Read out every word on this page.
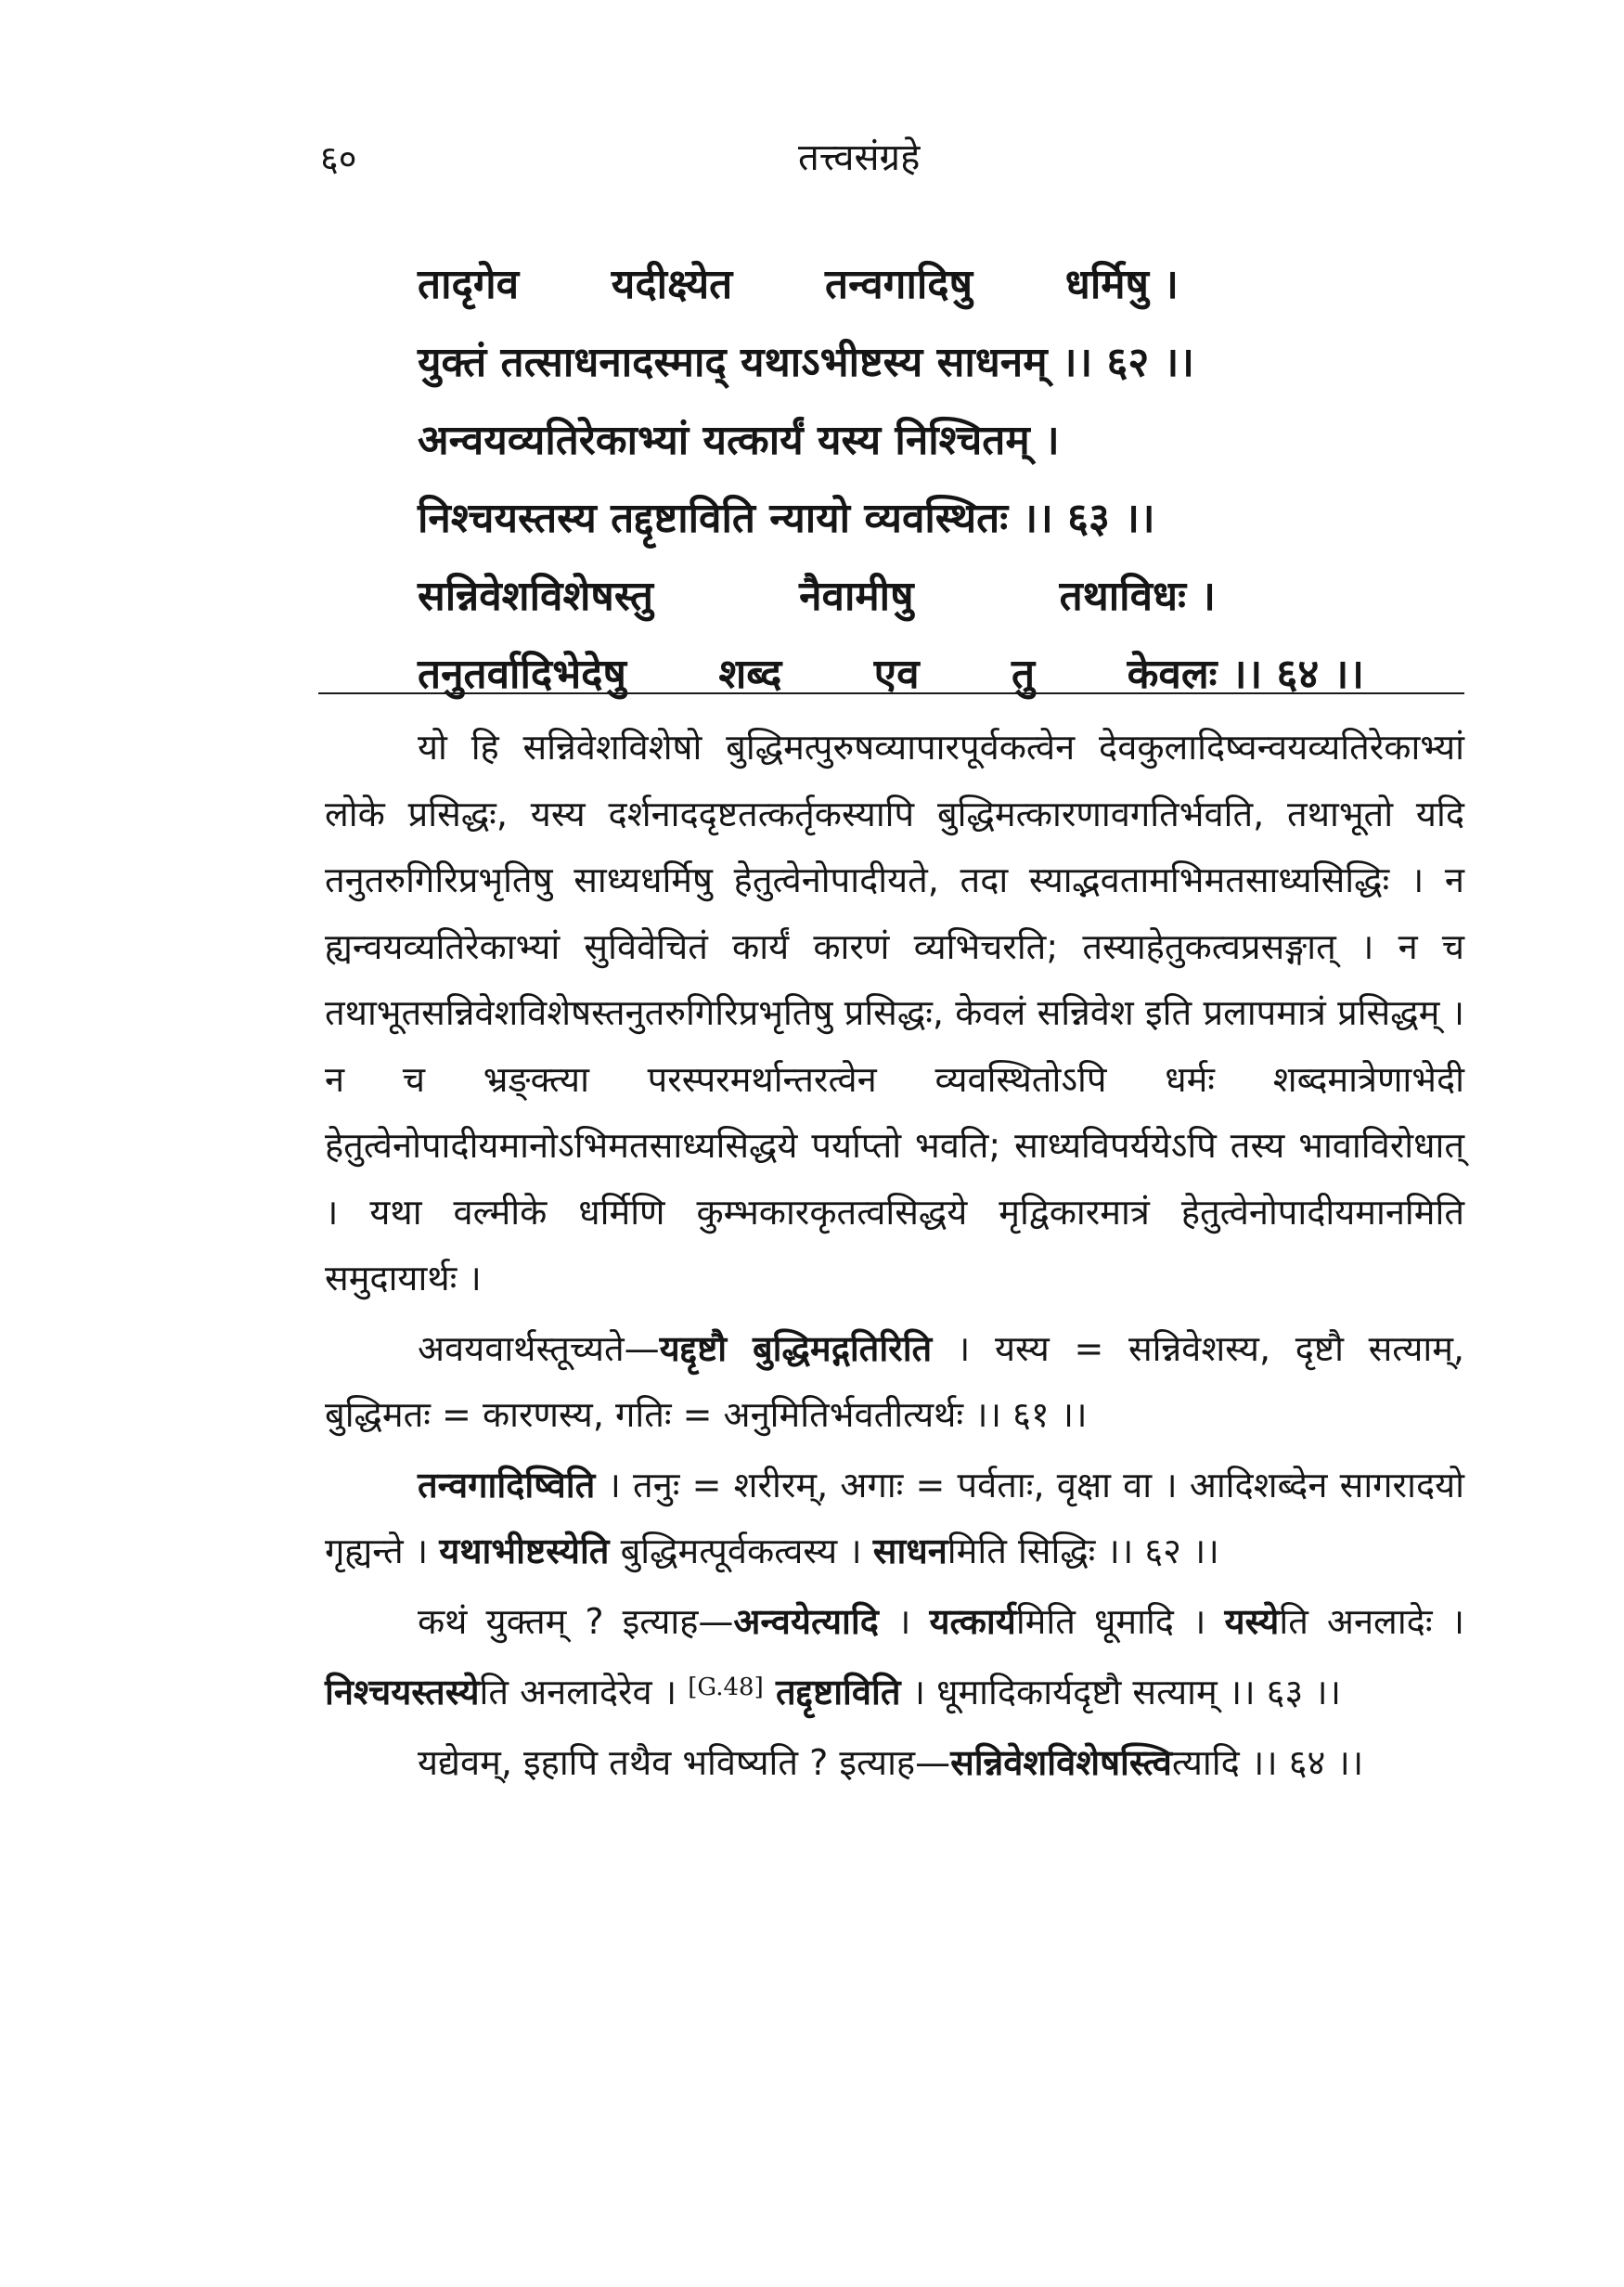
६०	तत्त्वसंग्रहे
तादृगेव यदीक्ष्येत तन्वगादिषु धर्मिषु ।
युक्तं तत्साधनादस्माद् यथाऽभीष्टस्य साधनम् ।। ६२ ।।
अन्वयव्यतिरेकाभ्यां यत्कार्यं यस्य निश्चितम् ।
निश्चयस्तस्य तद्दृष्टाविति न्यायो व्यवस्थितः ।। ६३ ।।
सन्निवेशविशेषस्तु	नैवामीषु	तथाविधः ।
तनुतर्वादिभेदेषु शब्द एव तु केवलः ।। ६४ ।।

यो हि सन्निवेशविशेषो बुद्धिमत्पुरुषव्यापारपूर्वकत्वेन देवकुलादिष्वन्वयव्यतिरेकाभ्यां लोके प्रसिद्धः, यस्य दर्शनाददृष्टतत्कर्तृकस्यापि बुद्धिमत्कारणावगतिर्भवति, तथाभूतो यदि तनुतरुगिरिप्रभृतिषु साध्यधर्मिषु हेतुत्वेनोपादीयते, तदा स्याद्भवतामभिमतसाध्यसिद्धिः । न ह्यन्वयव्यतिरेकाभ्यां सुविवेचितं कार्यं कारणं व्यभिचरति; तस्याहेतुकत्वप्रसङ्गात् । न च तथाभूतसन्निवेशविशेषस्तनुतरुगिरिप्रभृतिषु प्रसिद्धः, केवलं सन्निवेश इति प्रलापमात्रं प्रसिद्धम् । न च भ्रङ्क्त्या परस्परमर्थान्तरत्वेन व्यवस्थितोऽपि धर्मः शब्दमात्रेणाभेदी हेतुत्वेनोपादीयमानोऽभिमतसाध्यसिद्धये पर्याप्तो भवति; साध्यविपर्ययेऽपि तस्य भावाविरोधात् । यथा वल्मीके धर्मिणि कुम्भकारकृतत्वसिद्धये मृद्विकारमात्रं हेतुत्वेनोपादीयमानमिति समुदायार्थः ।

अवयवार्थस्तूच्यते—यद्दृष्टौ बुद्धिमद्गतिरिति । यस्य = सन्निवेशस्य, दृष्टौ सत्याम्, बुद्धिमतः = कारणस्य, गतिः = अनुमितिर्भवतीत्यर्थः ।। ६१ ।।

तन्वगादिष्विति । तनुः = शरीरम्, अगाः = पर्वताः, वृक्षा वा । आदिशब्देन सागरादयो गृह्यन्ते । यथाभीष्टस्येति बुद्धिमत्पूर्वकत्वस्य । साधनमिति सिद्धिः ।। ६२ ।।

कथं युक्तम् ? इत्याह—अन्वयेत्यादि । यत्कार्यमिति धूमादि । यस्येति अनलादेः । निश्चयस्तस्येति अनलादेरेव । [G.48] तद्दृष्टाविति । धूमादिकार्यदृष्टौ सत्याम् ।। ६३ ।।

यद्येवम्, इहापि तथैव भविष्यति ? इत्याह—सन्निवेशविशेषस्त्वित्यादि ।। ६४ ।।
